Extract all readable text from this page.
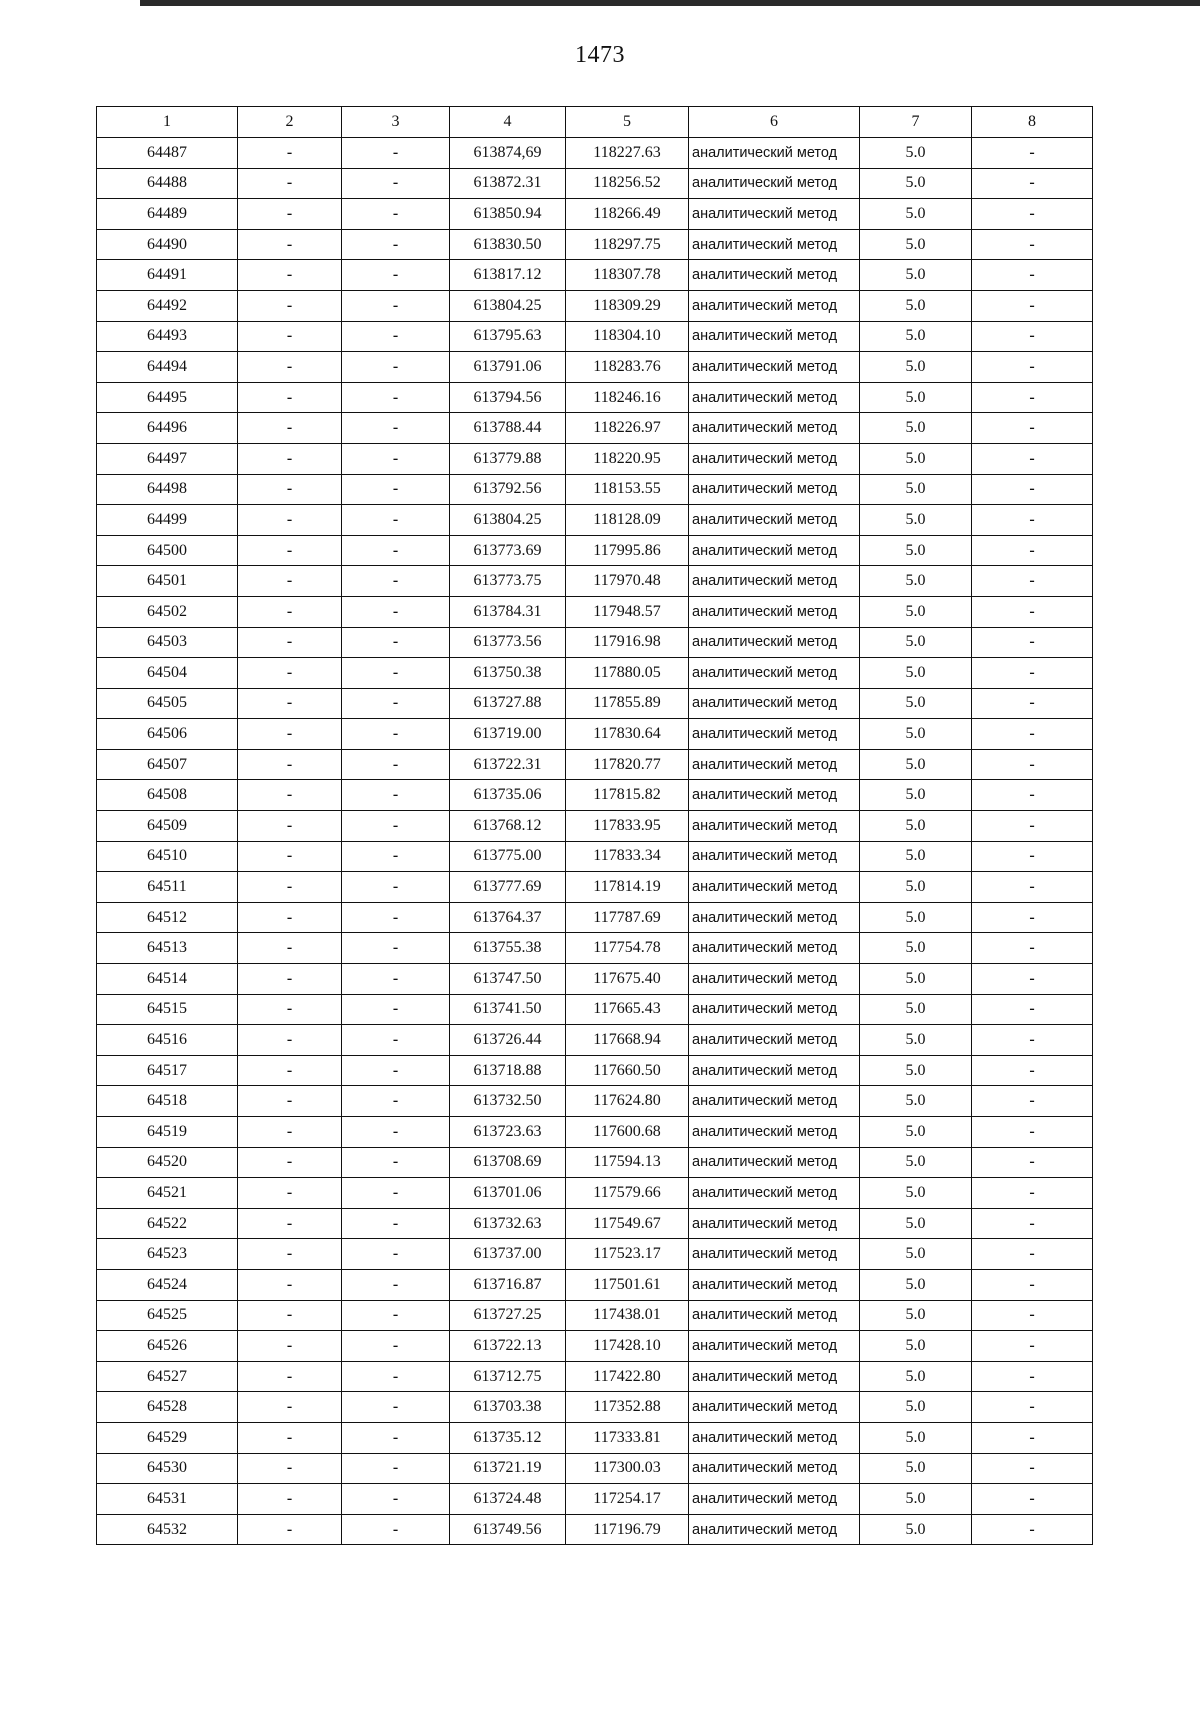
1473
1	2	3	4	5	6	7	8
64487	-	-	613874,69	118227.63	аналитический метод	5.0	-
64488	-	-	613872.31	118256.52	аналитический метод	5.0	-
64489	-	-	613850.94	118266.49	аналитический метод	5.0	-
64490	-	-	613830.50	118297.75	аналитический метод	5.0	-
64491	-	-	613817.12	118307.78	аналитический метод	5.0	-
64492	-	-	613804.25	118309.29	аналитический метод	5.0	-
64493	-	-	613795.63	118304.10	аналитический метод	5.0	-
64494	-	-	613791.06	118283.76	аналитический метод	5.0	-
64495	-	-	613794.56	118246.16	аналитический метод	5.0	-
64496	-	-	613788.44	118226.97	аналитический метод	5.0	-
64497	-	-	613779.88	118220.95	аналитический метод	5.0	-
64498	-	-	613792.56	118153.55	аналитический метод	5.0	-
64499	-	-	613804.25	118128.09	аналитический метод	5.0	-
64500	-	-	613773.69	117995.86	аналитический метод	5.0	-
64501	-	-	613773.75	117970.48	аналитический метод	5.0	-
64502	-	-	613784.31	117948.57	аналитический метод	5.0	-
64503	-	-	613773.56	117916.98	аналитический метод	5.0	-
64504	-	-	613750.38	117880.05	аналитический метод	5.0	-
64505	-	-	613727.88	117855.89	аналитический метод	5.0	-
64506	-	-	613719.00	117830.64	аналитический метод	5.0	-
64507	-	-	613722.31	117820.77	аналитический метод	5.0	-
64508	-	-	613735.06	117815.82	аналитический метод	5.0	-
64509	-	-	613768.12	117833.95	аналитический метод	5.0	-
64510	-	-	613775.00	117833.34	аналитический метод	5.0	-
64511	-	-	613777.69	117814.19	аналитический метод	5.0	-
64512	-	-	613764.37	117787.69	аналитический метод	5.0	-
64513	-	-	613755.38	117754.78	аналитический метод	5.0	-
64514	-	-	613747.50	117675.40	аналитический метод	5.0	-
64515	-	-	613741.50	117665.43	аналитический метод	5.0	-
64516	-	-	613726.44	117668.94	аналитический метод	5.0	-
64517	-	-	613718.88	117660.50	аналитический метод	5.0	-
64518	-	-	613732.50	117624.80	аналитический метод	5.0	-
64519	-	-	613723.63	117600.68	аналитический метод	5.0	-
64520	-	-	613708.69	117594.13	аналитический метод	5.0	-
64521	-	-	613701.06	117579.66	аналитический метод	5.0	-
64522	-	-	613732.63	117549.67	аналитический метод	5.0	-
64523	-	-	613737.00	117523.17	аналитический метод	5.0	-
64524	-	-	613716.87	117501.61	аналитический метод	5.0	-
64525	-	-	613727.25	117438.01	аналитический метод	5.0	-
64526	-	-	613722.13	117428.10	аналитический метод	5.0	-
64527	-	-	613712.75	117422.80	аналитический метод	5.0	-
64528	-	-	613703.38	117352.88	аналитический метод	5.0	-
64529	-	-	613735.12	117333.81	аналитический метод	5.0	-
64530	-	-	613721.19	117300.03	аналитический метод	5.0	-
64531	-	-	613724.48	117254.17	аналитический метод	5.0	-
64532	-	-	613749.56	117196.79	аналитический метод	5.0	-
